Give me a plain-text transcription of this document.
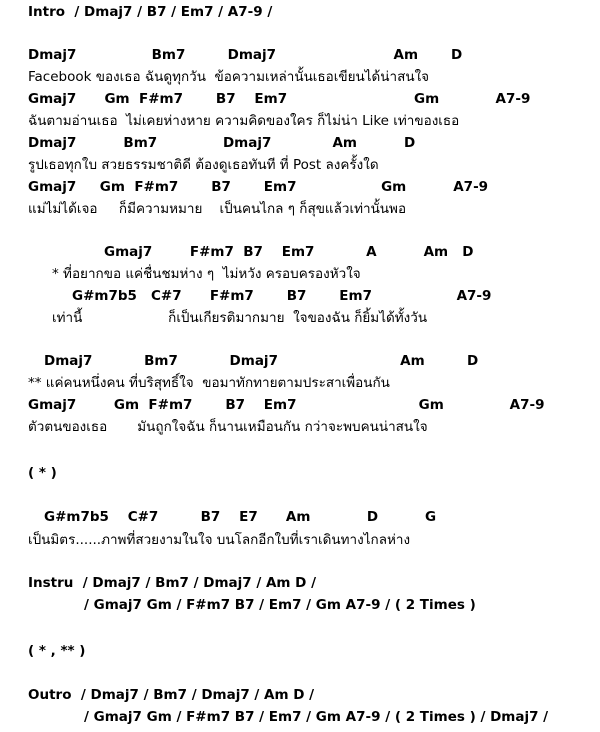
Intro  / Dmaj7 / B7 / Em7 / A7-9 /
Dmaj7                Bm7         Dmaj7                         Am       D
Facebook ของเธอ ฉันดูทุกวัน  ข้อความเหล่านั้นเธอเขียนได้น่าสนใจ
Gmaj7      Gm  F#m7       B7    Em7                           Gm            A7-9
ฉันตามอ่านเธอ  ไม่เคยห่างหาย ความคิดของใคร ก็ไม่น่า Like เท่าของเธอ
Dmaj7          Bm7              Dmaj7             Am          D
รูปเธอทุกใบ สวยธรรมชาติดี ต้องดูเธอทันที ที่ Post ลงครั้งใด
Gmaj7     Gm  F#m7       B7       Em7                  Gm          A7-9
แม่ไม่ได้เจอ     ก็มีความหมาย    เป็นคนไกล ๆ ก็สุขแล้วเท่านั้นพอ
Gmaj7        F#m7  B7    Em7           A          Am   D
* ที่อยากขอ แค่ชื่นชมห่าง ๆ  ไม่หวัง ครอบครองหัวใจ
G#m7b5   C#7      F#m7       B7       Em7                  A7-9
เท่านี้                    ก็เป็นเกียรติมากมาย  ใจของฉัน ก็ยิ้มได้ทั้งวัน
Dmaj7           Bm7           Dmaj7                          Am         D
** แค่คนหนึ่งคน ที่บริสุทธิ์ใจ  ขอมาทักทายตามประสาเพื่อนกัน
Gmaj7        Gm  F#m7       B7    Em7                          Gm              A7-9
ตัวตนของเธอ       มันถูกใจฉัน ก็นานเหมือนกัน กว่าจะพบคนน่าสนใจ
( * )
G#m7b5    C#7         B7    E7      Am            D          G
เป็นมิตร......ภาพที่สวยงามในใจ บนโลกอีกใบที่เราเดินทางไกลห่าง
Instru  / Dmaj7 / Bm7 / Dmaj7 / Am D /
/ Gmaj7 Gm / F#m7 B7 / Em7 / Gm A7-9 / ( 2 Times )
( * , ** )
Outro  / Dmaj7 / Bm7 / Dmaj7 / Am D /
/ Gmaj7 Gm / F#m7 B7 / Em7 / Gm A7-9 / ( 2 Times ) / Dmaj7 /
